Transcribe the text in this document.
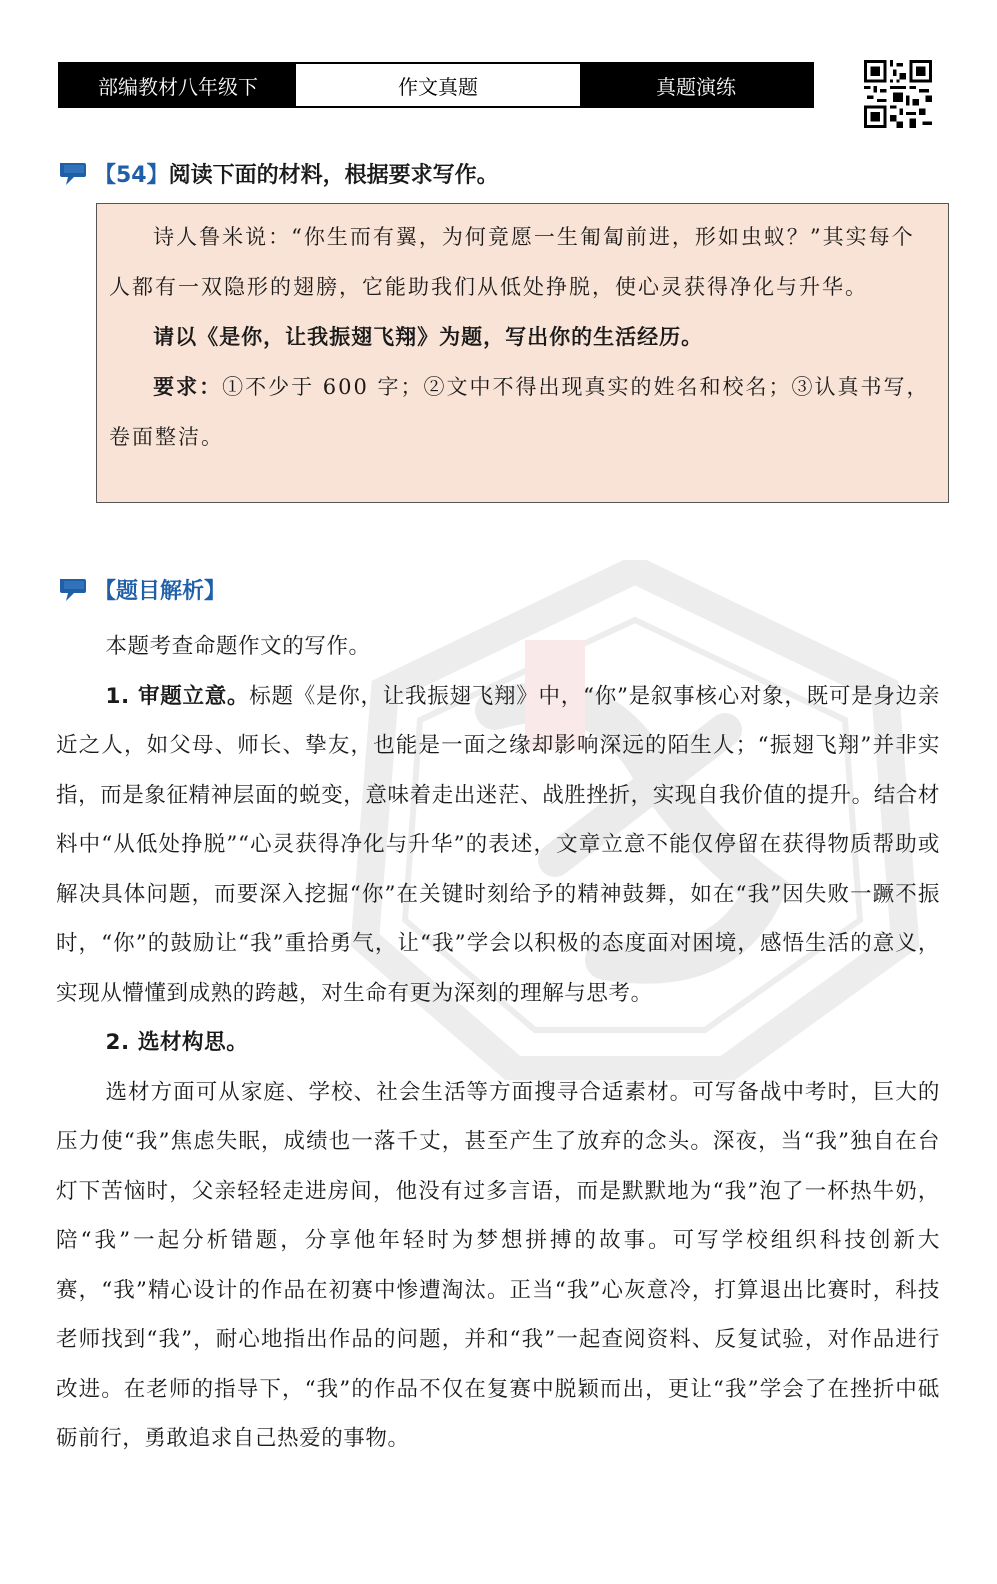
部编教材八年级下	作文真题	真题演练
【54】 阅读下面的材料，根据要求写作。

诗人鲁米说：“你生而有翼，为何竟愿一生匍匐前进，形如虫蚁？”其实每个人都有一双隐形的翅膀，它能助我们从低处挣脱，使心灵获得净化与升华。

请以《是你，让我振翅飞翔》为题，写出你的生活经历。

要求：①不少于 600 字；②文中不得出现真实的姓名和校名；③认真书写，卷面整洁。

【题目解析】

本题考查命题作文的写作。

1. 审题立意。标题《是你，让我振翅飞翔》中，“你”是叙事核心对象，既可是身边亲近之人，如父母、师长、挚友，也能是一面之缘却影响深远的陌生人；“振翅飞翔”并非实指，而是象征精神层面的蜕变，意味着走出迷茫、战胜挫折，实现自我价值的提升。结合材料中“从低处挣脱”“心灵获得净化与升华”的表述，文章立意不能仅停留在获得物质帮助或解决具体问题，而要深入挖掘“你”在关键时刻给予的精神鼓舞，如在“我”因失败一蹶不振时，“你”的鼓励让“我”重拾勇气，让“我”学会以积极的态度面对困境，感悟生活的意义，实现从懵懂到成熟的跨越，对生命有更为深刻的理解与思考。

2. 选材构思。

选材方面可从家庭、学校、社会生活等方面搜寻合适素材。可写备战中考时，巨大的压力使“我”焦虑失眠，成绩也一落千丈，甚至产生了放弃的念头。深夜，当“我”独自在台灯下苦恼时，父亲轻轻走进房间，他没有过多言语，而是默默地为“我”泡了一杯热牛奶，陪“我”一起分析错题，分享他年轻时为梦想拼搏的故事。可写学校组织科技创新大赛，“我”精心设计的作品在初赛中惨遭淘汰。正当“我”心灰意冷，打算退出比赛时，科技老师找到“我”，耐心地指出作品的问题，并和“我”一起查阅资料、反复试验，对作品进行改进。在老师的指导下，“我”的作品不仅在复赛中脱颖而出，更让“我”学会了在挫折中砥砺前行，勇敢追求自己热爱的事物。
